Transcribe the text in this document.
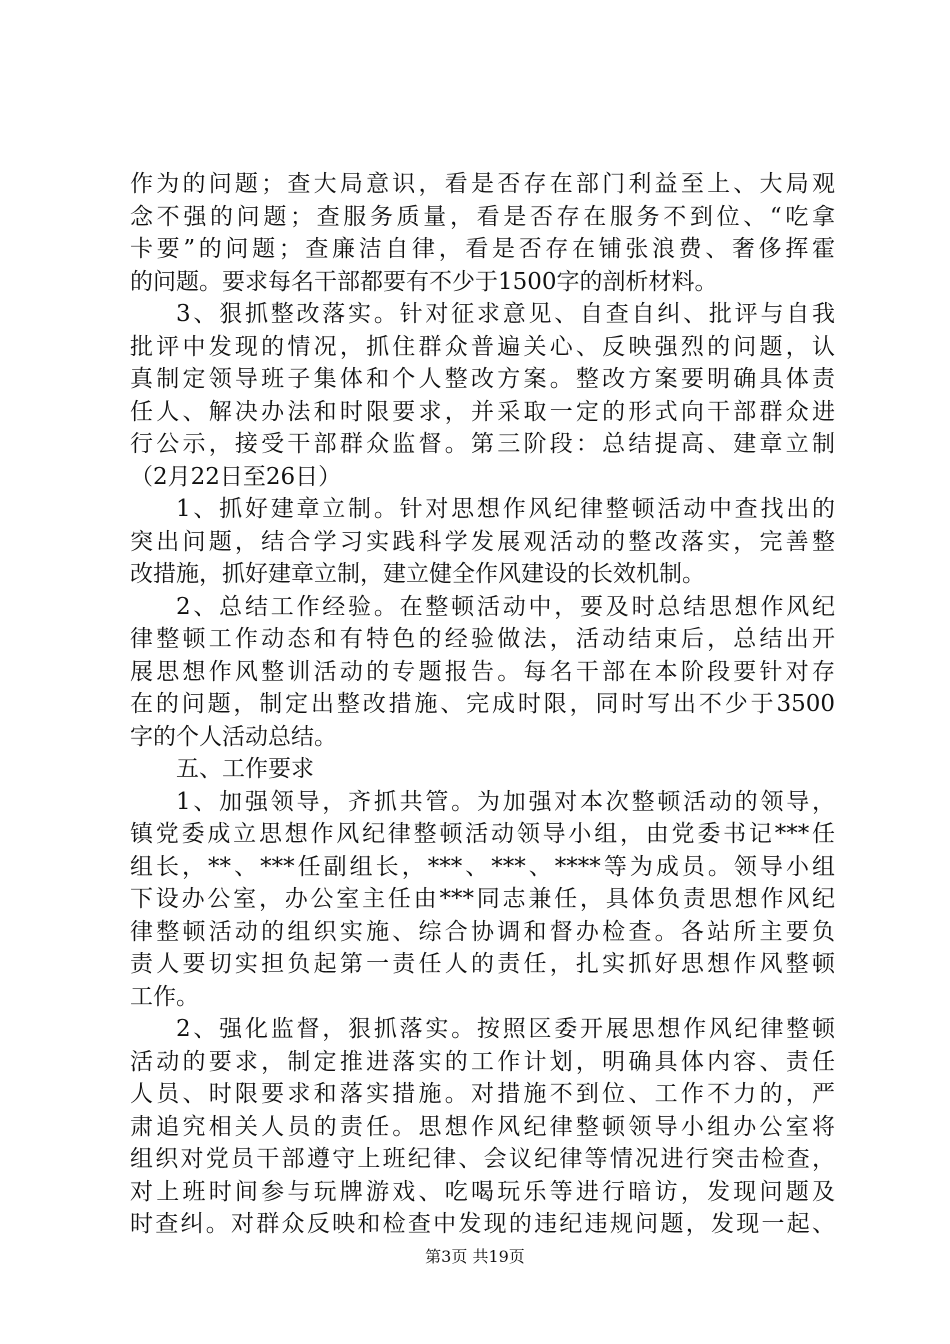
作为的问题；查大局意识，看是否存在部门利益至上、大局观
念不强的问题；查服务质量，看是否存在服务不到位、“吃拿
卡要”的问题；查廉洁自律，看是否存在铺张浪费、奢侈挥霍
的问题。要求每名干部都要有不少于1500字的剖析材料。
3、狠抓整改落实。针对征求意见、自查自纠、批评与自我
批评中发现的情况，抓住群众普遍关心、反映强烈的问题，认
真制定领导班子集体和个人整改方案。整改方案要明确具体责
任人、解决办法和时限要求，并采取一定的形式向干部群众进
行公示，接受干部群众监督。第三阶段：总结提高、建章立制
（2月22日至26日）
1、抓好建章立制。针对思想作风纪律整顿活动中查找出的
突出问题，结合学习实践科学发展观活动的整改落实，完善整
改措施，抓好建章立制，建立健全作风建设的长效机制。
2、总结工作经验。在整顿活动中，要及时总结思想作风纪
律整顿工作动态和有特色的经验做法，活动结束后，总结出开
展思想作风整训活动的专题报告。每名干部在本阶段要针对存
在的问题，制定出整改措施、完成时限，同时写出不少于3500
字的个人活动总结。
五、工作要求
1、加强领导，齐抓共管。为加强对本次整顿活动的领导，
镇党委成立思想作风纪律整顿活动领导小组，由党委书记***任
组长，**、***任副组长，***、***、****等为成员。领导小组
下设办公室，办公室主任由***同志兼任，具体负责思想作风纪
律整顿活动的组织实施、综合协调和督办检查。各站所主要负
责人要切实担负起第一责任人的责任，扎实抓好思想作风整顿
工作。
2、强化监督，狠抓落实。按照区委开展思想作风纪律整顿
活动的要求，制定推进落实的工作计划，明确具体内容、责任
人员、时限要求和落实措施。对措施不到位、工作不力的，严
肃追究相关人员的责任。思想作风纪律整顿领导小组办公室将
组织对党员干部遵守上班纪律、会议纪律等情况进行突击检查，
对上班时间参与玩牌游戏、吃喝玩乐等进行暗访，发现问题及
时查纠。对群众反映和检查中发现的违纪违规问题，发现一起、
第3页 共19页
